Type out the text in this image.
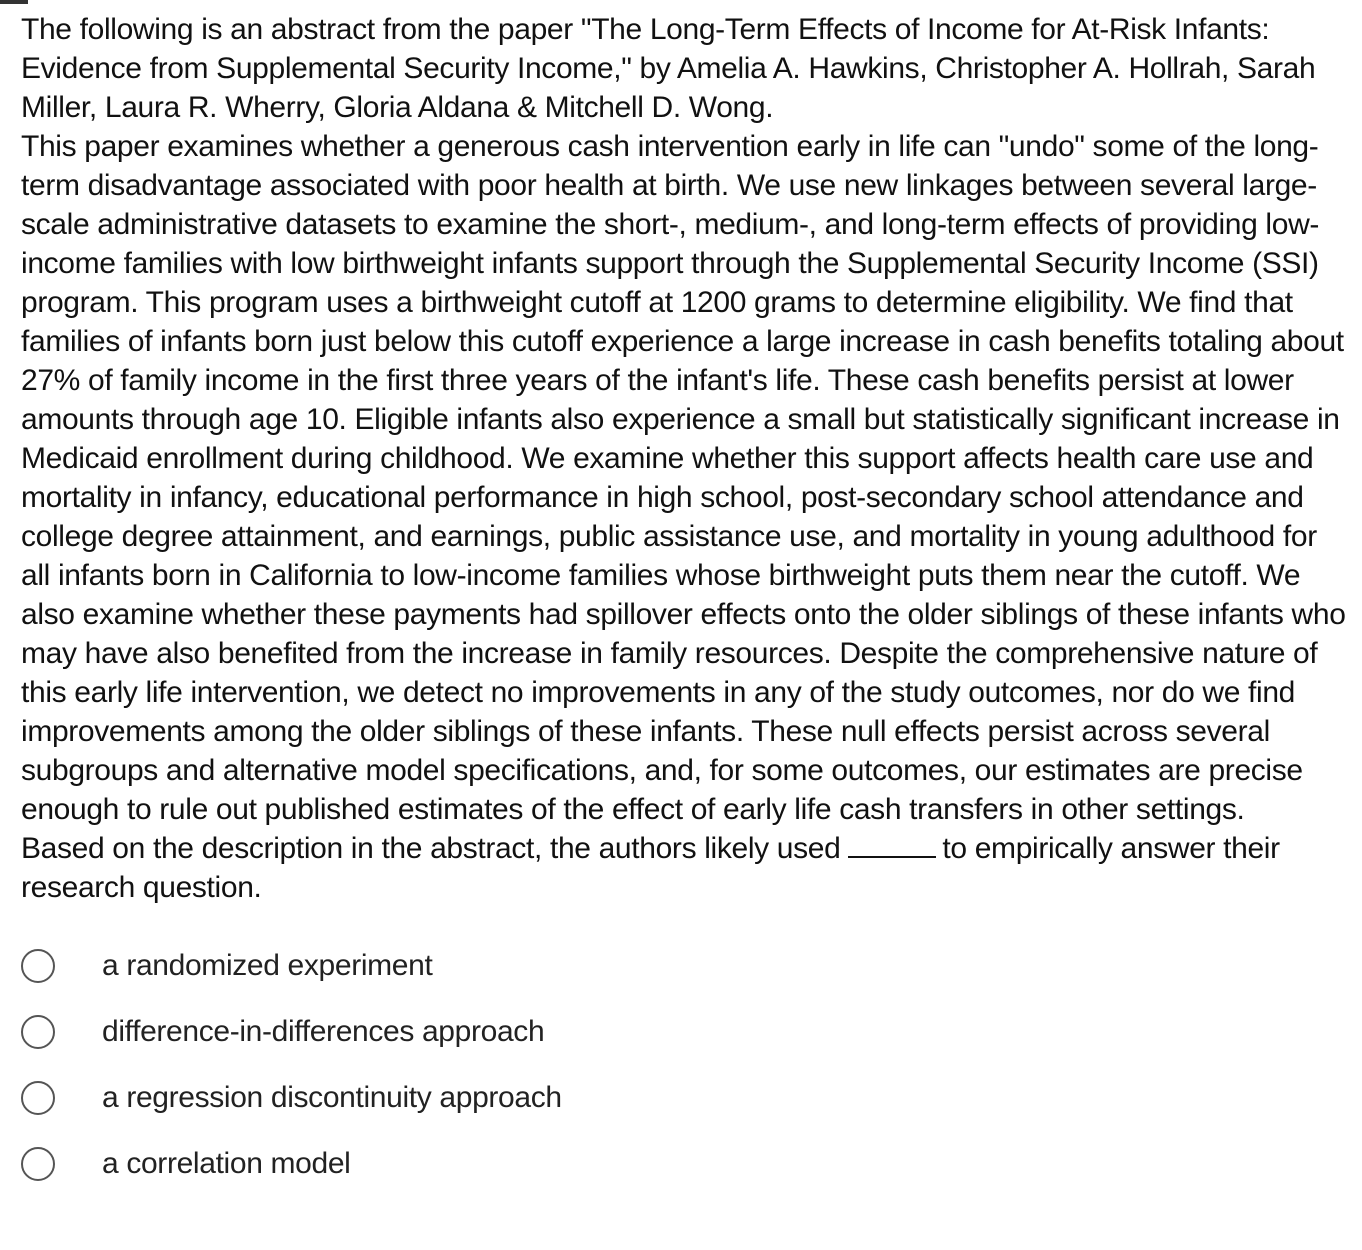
The following is an abstract from the paper "The Long-Term Effects of Income for At-Risk Infants: Evidence from Supplemental Security Income," by Amelia A. Hawkins, Christopher A. Hollrah, Sarah Miller, Laura R. Wherry, Gloria Aldana & Mitchell D. Wong.

This paper examines whether a generous cash intervention early in life can "undo" some of the long-term disadvantage associated with poor health at birth. We use new linkages between several large-scale administrative datasets to examine the short-, medium-, and long-term effects of providing low-income families with low birthweight infants support through the Supplemental Security Income (SSI) program. This program uses a birthweight cutoff at 1200 grams to determine eligibility. We find that families of infants born just below this cutoff experience a large increase in cash benefits totaling about 27% of family income in the first three years of the infant's life. These cash benefits persist at lower amounts through age 10. Eligible infants also experience a small but statistically significant increase in Medicaid enrollment during childhood. We examine whether this support affects health care use and mortality in infancy, educational performance in high school, post-secondary school attendance and college degree attainment, and earnings, public assistance use, and mortality in young adulthood for all infants born in California to low-income families whose birthweight puts them near the cutoff. We also examine whether these payments had spillover effects onto the older siblings of these infants who may have also benefited from the increase in family resources. Despite the comprehensive nature of this early life intervention, we detect no improvements in any of the study outcomes, nor do we find improvements among the older siblings of these infants. These null effects persist across several subgroups and alternative model specifications, and, for some outcomes, our estimates are precise enough to rule out published estimates of the effect of early life cash transfers in other settings.

Based on the description in the abstract, the authors likely used	to empirically answer their research question.

a randomized experiment
difference-in-differences approach
a regression discontinuity approach
a correlation model
